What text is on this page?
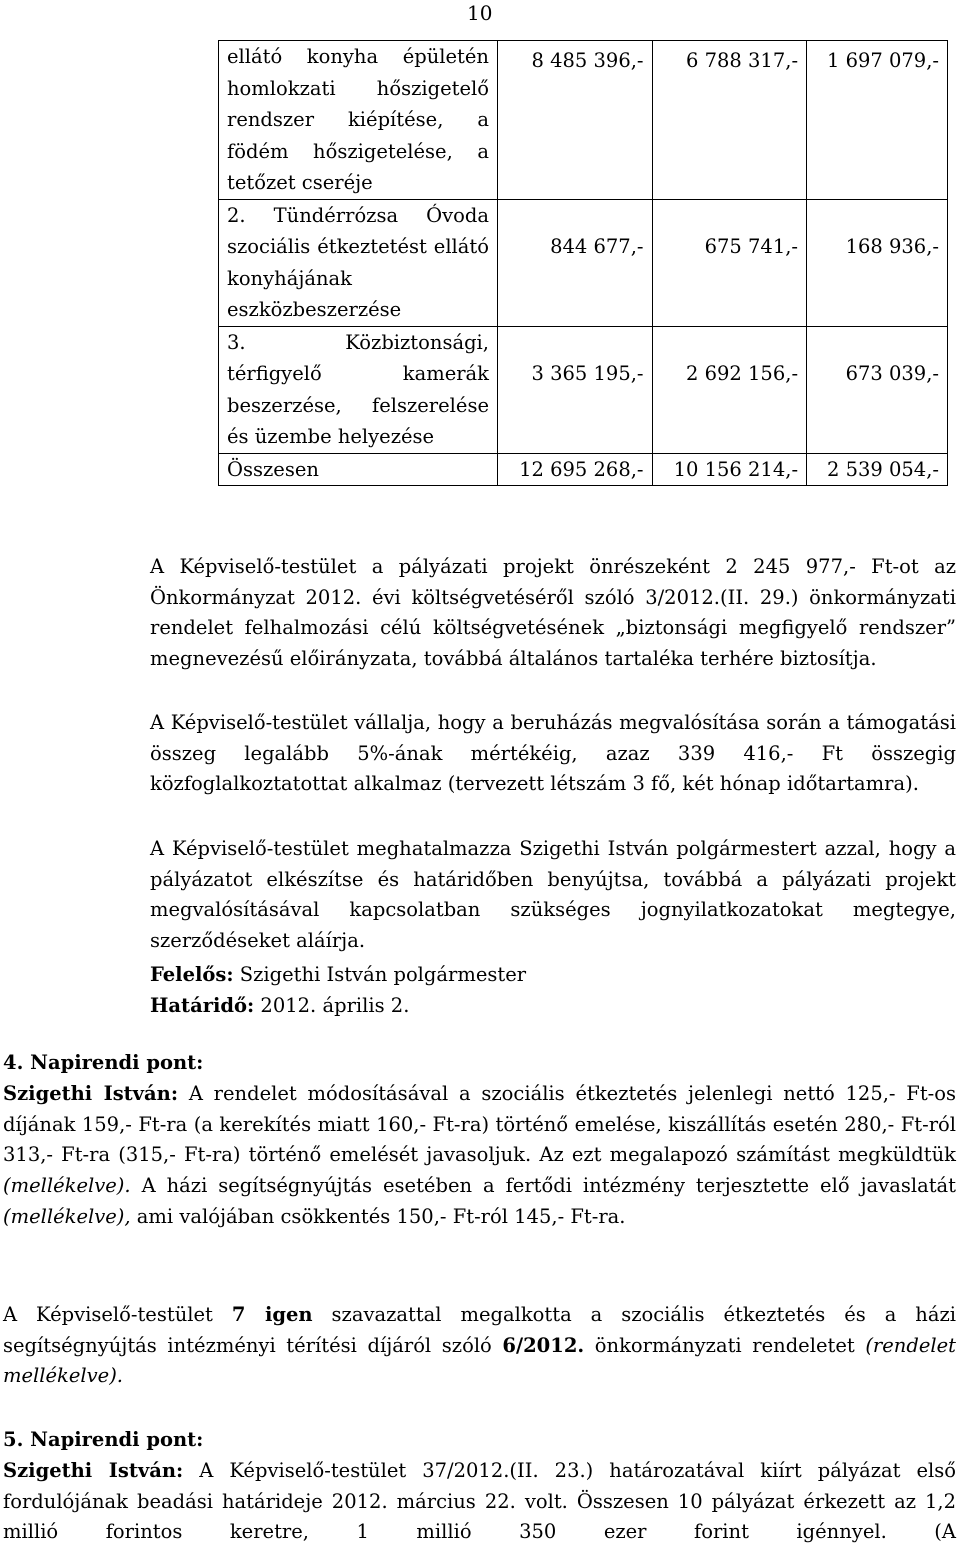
10
ellátó konyha épületén homlokzati hőszigetelő rendszer kiépítése, a födém hőszigetelése, a tetőzet cseréje	8 485 396,-	6 788 317,-	1 697 079,-
2. Tündérrózsa Óvoda szociális étkeztetést ellátó konyhájának eszközbeszerzése	844 677,-	675 741,-	168 936,-
3. Közbiztonsági, térfigyelő kamerák beszerzése, felszerelése és üzembe helyezése	3 365 195,-	2 692 156,-	673 039,-
Összesen	12 695 268,-	10 156 214,-	2 539 054,-

A Képviselő-testület a pályázati projekt önrészeként 2 245 977,- Ft-ot az Önkormányzat 2012. évi költségvetéséről szóló 3/2012.(II. 29.) önkormányzati rendelet felhalmozási célú költségvetésének „biztonsági megfigyelő rendszer” megnevezésű előirányzata, továbbá általános tartaléka terhére biztosítja.

A Képviselő-testület vállalja, hogy a beruházás megvalósítása során a támogatási összeg legalább 5%-ának mértékéig, azaz 339 416,- Ft összegig közfoglalkoztatottat alkalmaz (tervezett létszám 3 fő, két hónap időtartamra).

A Képviselő-testület meghatalmazza Szigethi István polgármestert azzal, hogy a pályázatot elkészítse és határidőben benyújtsa, továbbá a pályázati projekt megvalósításával kapcsolatban szükséges jognyilatkozatokat megtegye, szerződéseket aláírja.

Felelős: Szigethi István polgármester

Határidő: 2012. április 2.

4. Napirendi pont:

Szigethi István: A rendelet módosításával a szociális étkeztetés jelenlegi nettó 125,- Ft-os díjának 159,- Ft-ra (a kerekítés miatt 160,- Ft-ra) történő emelése, kiszállítás esetén 280,- Ft-ról 313,- Ft-ra (315,- Ft-ra) történő emelését javasoljuk. Az ezt megalapozó számítást megküldtük (mellékelve). A házi segítségnyújtás esetében a fertődi intézmény terjesztette elő javaslatát (mellékelve), ami valójában csökkentés 150,- Ft-ról 145,- Ft-ra.

A Képviselő-testület 7 igen szavazattal megalkotta a szociális étkeztetés és a házi segítségnyújtás intézményi térítési díjáról szóló 6/2012. önkormányzati rendeletet (rendelet mellékelve).

5. Napirendi pont:

Szigethi István: A Képviselő-testület 37/2012.(II. 23.) határozatával kiírt pályázat első fordulójának beadási határideje 2012. március 22. volt. Összesen 10 pályázat érkezett az 1,2 millió forintos keretre, 1 millió 350 ezer forint igénnyel. (A
